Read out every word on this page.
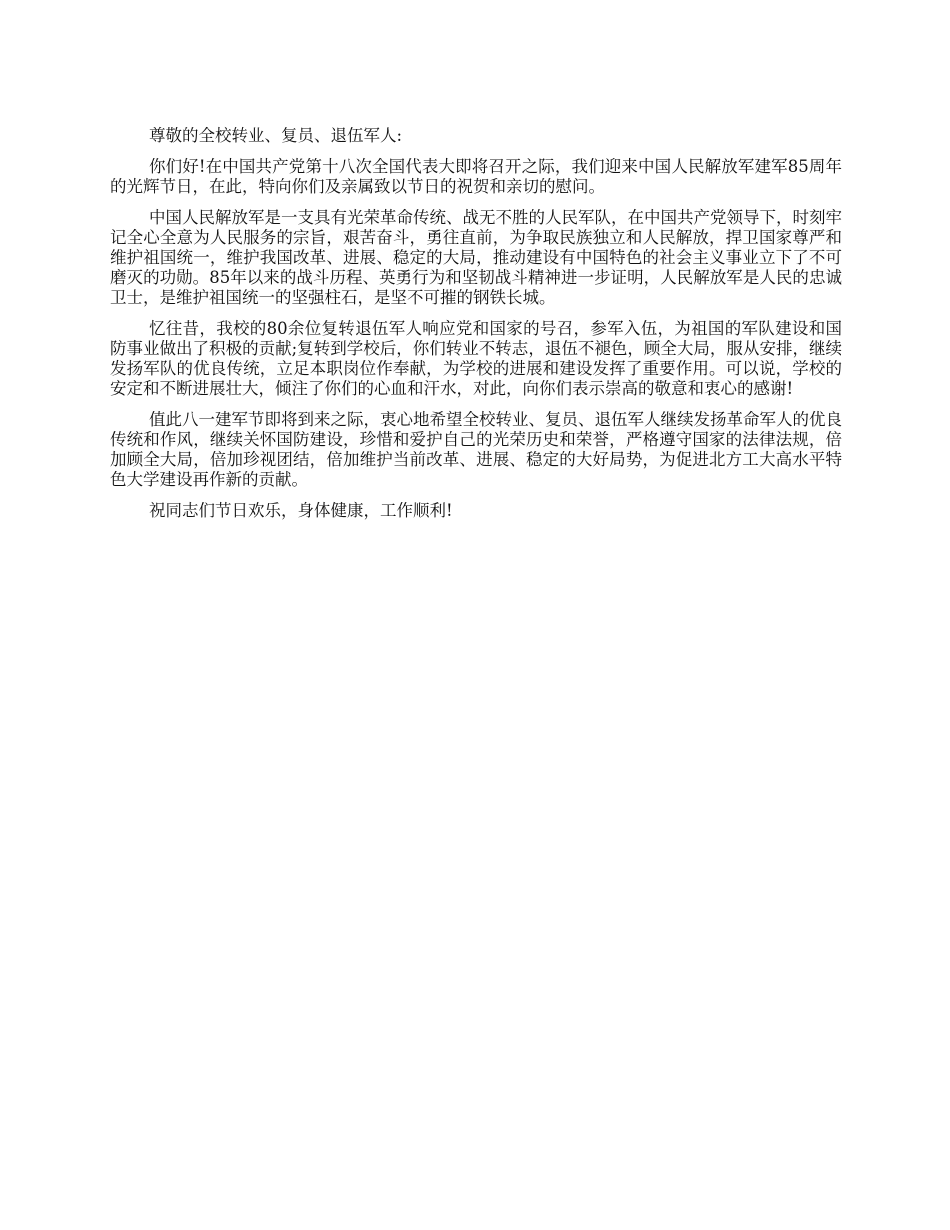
尊敬的全校转业、复员、退伍军人:

你们好!在中国共产党第十八次全国代表大即将召开之际，我们迎来中国人民解放军建军85周年的光辉节日，在此，特向你们及亲属致以节日的祝贺和亲切的慰问。

中国人民解放军是一支具有光荣革命传统、战无不胜的人民军队，在中国共产党领导下，时刻牢记全心全意为人民服务的宗旨，艰苦奋斗，勇往直前，为争取民族独立和人民解放，捍卫国家尊严和维护祖国统一，维护我国改革、进展、稳定的大局，推动建设有中国特色的社会主义事业立下了不可磨灭的功勋。85年以来的战斗历程、英勇行为和坚韧战斗精神进一步证明，人民解放军是人民的忠诚卫士，是维护祖国统一的坚强柱石，是坚不可摧的钢铁长城。

忆往昔，我校的80余位复转退伍军人响应党和国家的号召，参军入伍，为祖国的军队建设和国防事业做出了积极的贡献;复转到学校后，你们转业不转志，退伍不褪色，顾全大局，服从安排，继续发扬军队的优良传统，立足本职岗位作奉献，为学校的进展和建设发挥了重要作用。可以说，学校的安定和不断进展壮大，倾注了你们的心血和汗水，对此，向你们表示崇高的敬意和衷心的感谢!

值此八一建军节即将到来之际，衷心地希望全校转业、复员、退伍军人继续发扬革命军人的优良传统和作风，继续关怀国防建设，珍惜和爱护自己的光荣历史和荣誉，严格遵守国家的法律法规，倍加顾全大局，倍加珍视团结，倍加维护当前改革、进展、稳定的大好局势，为促进北方工大高水平特色大学建设再作新的贡献。

祝同志们节日欢乐，身体健康，工作顺利!
